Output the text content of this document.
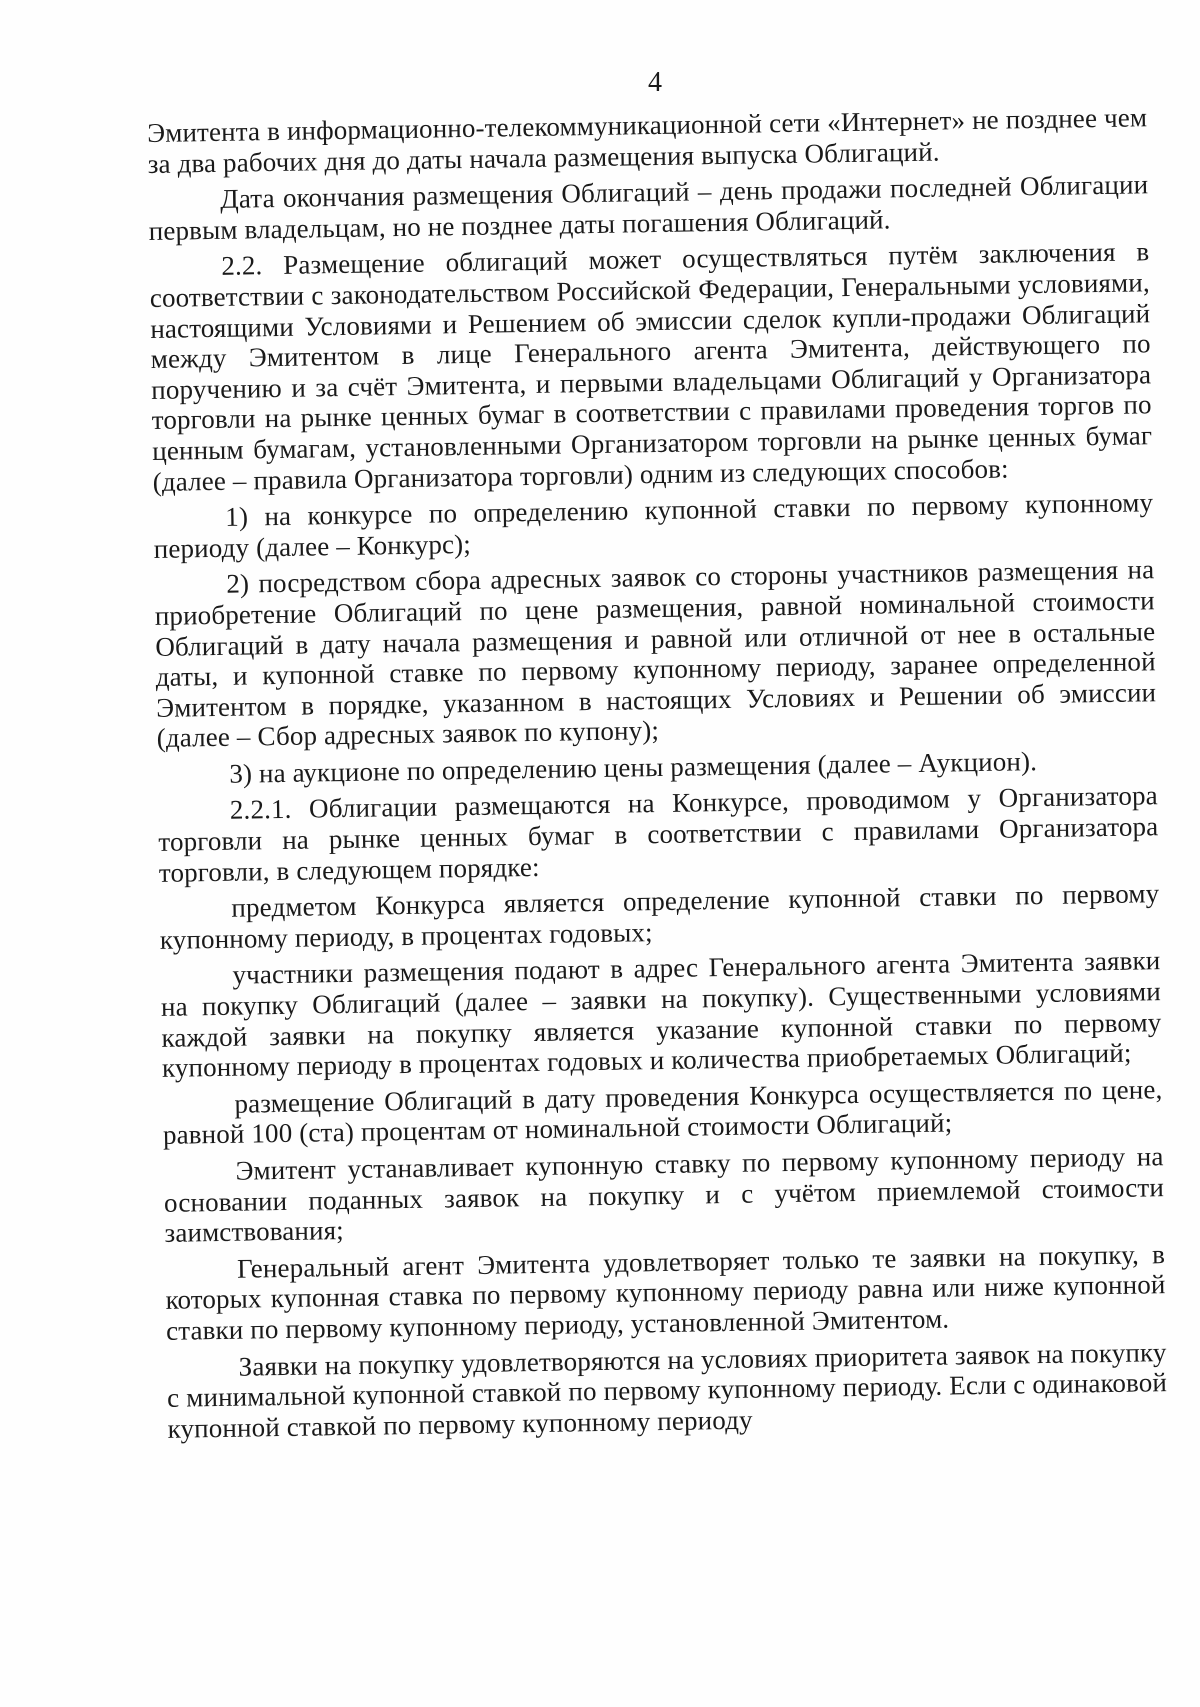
4

Эмитента в информационно-телекоммуникационной сети «Интернет» не позднее чем за два рабочих дня до даты начала размещения выпуска Облигаций.

Дата окончания размещения Облигаций – день продажи последней Облигации первым владельцам, но не позднее даты погашения Облигаций.

2.2. Размещение облигаций может осуществляться путём заключения в соответствии с законодательством Российской Федерации, Генеральными условиями, настоящими Условиями и Решением об эмиссии сделок купли-продажи Облигаций между Эмитентом в лице Генерального агента Эмитента, действующего по поручению и за счёт Эмитента, и первыми владельцами Облигаций у Организатора торговли на рынке ценных бумаг в соответствии с правилами проведения торгов по ценным бумагам, установленными Организатором торговли на рынке ценных бумаг (далее – правила Организатора торговли) одним из следующих способов:

1) на конкурсе по определению купонной ставки по первому купонному периоду (далее – Конкурс);

2) посредством сбора адресных заявок со стороны участников размещения на приобретение Облигаций по цене размещения, равной номинальной стоимости Облигаций в дату начала размещения и равной или отличной от нее в остальные даты, и купонной ставке по первому купонному периоду, заранее определенной Эмитентом в порядке, указанном в настоящих Условиях и Решении об эмиссии (далее – Сбор адресных заявок по купону);

3) на аукционе по определению цены размещения (далее – Аукцион).

2.2.1. Облигации размещаются на Конкурсе, проводимом у Организатора торговли на рынке ценных бумаг в соответствии с правилами Организатора торговли, в следующем порядке:

предметом Конкурса является определение купонной ставки по первому купонному периоду, в процентах годовых;

участники размещения подают в адрес Генерального агента Эмитента заявки на покупку Облигаций (далее – заявки на покупку). Существенными условиями каждой заявки на покупку является указание купонной ставки по первому купонному периоду в процентах годовых и количества приобретаемых Облигаций;

размещение Облигаций в дату проведения Конкурса осуществляется по цене, равной 100 (ста) процентам от номинальной стоимости Облигаций;

Эмитент устанавливает купонную ставку по первому купонному периоду на основании поданных заявок на покупку и с учётом приемлемой стоимости заимствования;

Генеральный агент Эмитента удовлетворяет только те заявки на покупку, в которых купонная ставка по первому купонному периоду равна или ниже купонной ставки по первому купонному периоду, установленной Эмитентом.

Заявки на покупку удовлетворяются на условиях приоритета заявок на покупку с минимальной купонной ставкой по первому купонному периоду. Если с одинаковой купонной ставкой по первому купонному периоду
